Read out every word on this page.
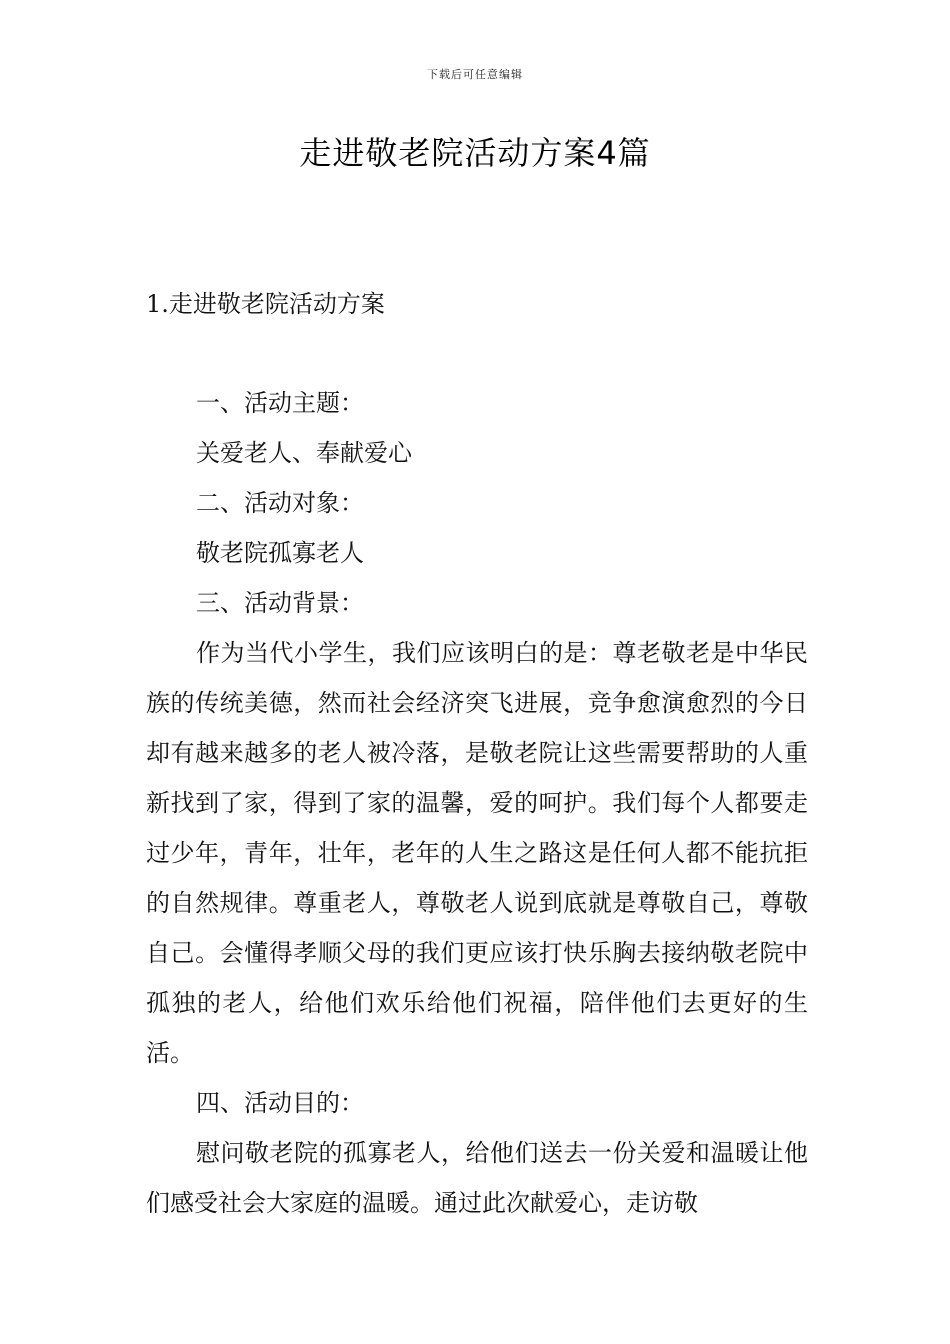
下载后可任意编辑
走进敬老院活动方案4篇
1.走进敬老院活动方案

一、活动主题：

关爱老人、奉献爱心

二、活动对象：

敬老院孤寡老人

三、活动背景：

作为当代小学生，我们应该明白的是：尊老敬老是中华民族的传统美德，然而社会经济突飞进展，竞争愈演愈烈的今日却有越来越多的老人被冷落，是敬老院让这些需要帮助的人重新找到了家，得到了家的温馨，爱的呵护。我们每个人都要走过少年，青年，壮年，老年的人生之路这是任何人都不能抗拒的自然规律。尊重老人，尊敬老人说到底就是尊敬自己，尊敬自己。会懂得孝顺父母的我们更应该打快乐胸去接纳敬老院中孤独的老人，给他们欢乐给他们祝福，陪伴他们去更好的生活。

四、活动目的：

慰问敬老院的孤寡老人，给他们送去一份关爱和温暖让他们感受社会大家庭的温暖。通过此次献爱心，走访敬
